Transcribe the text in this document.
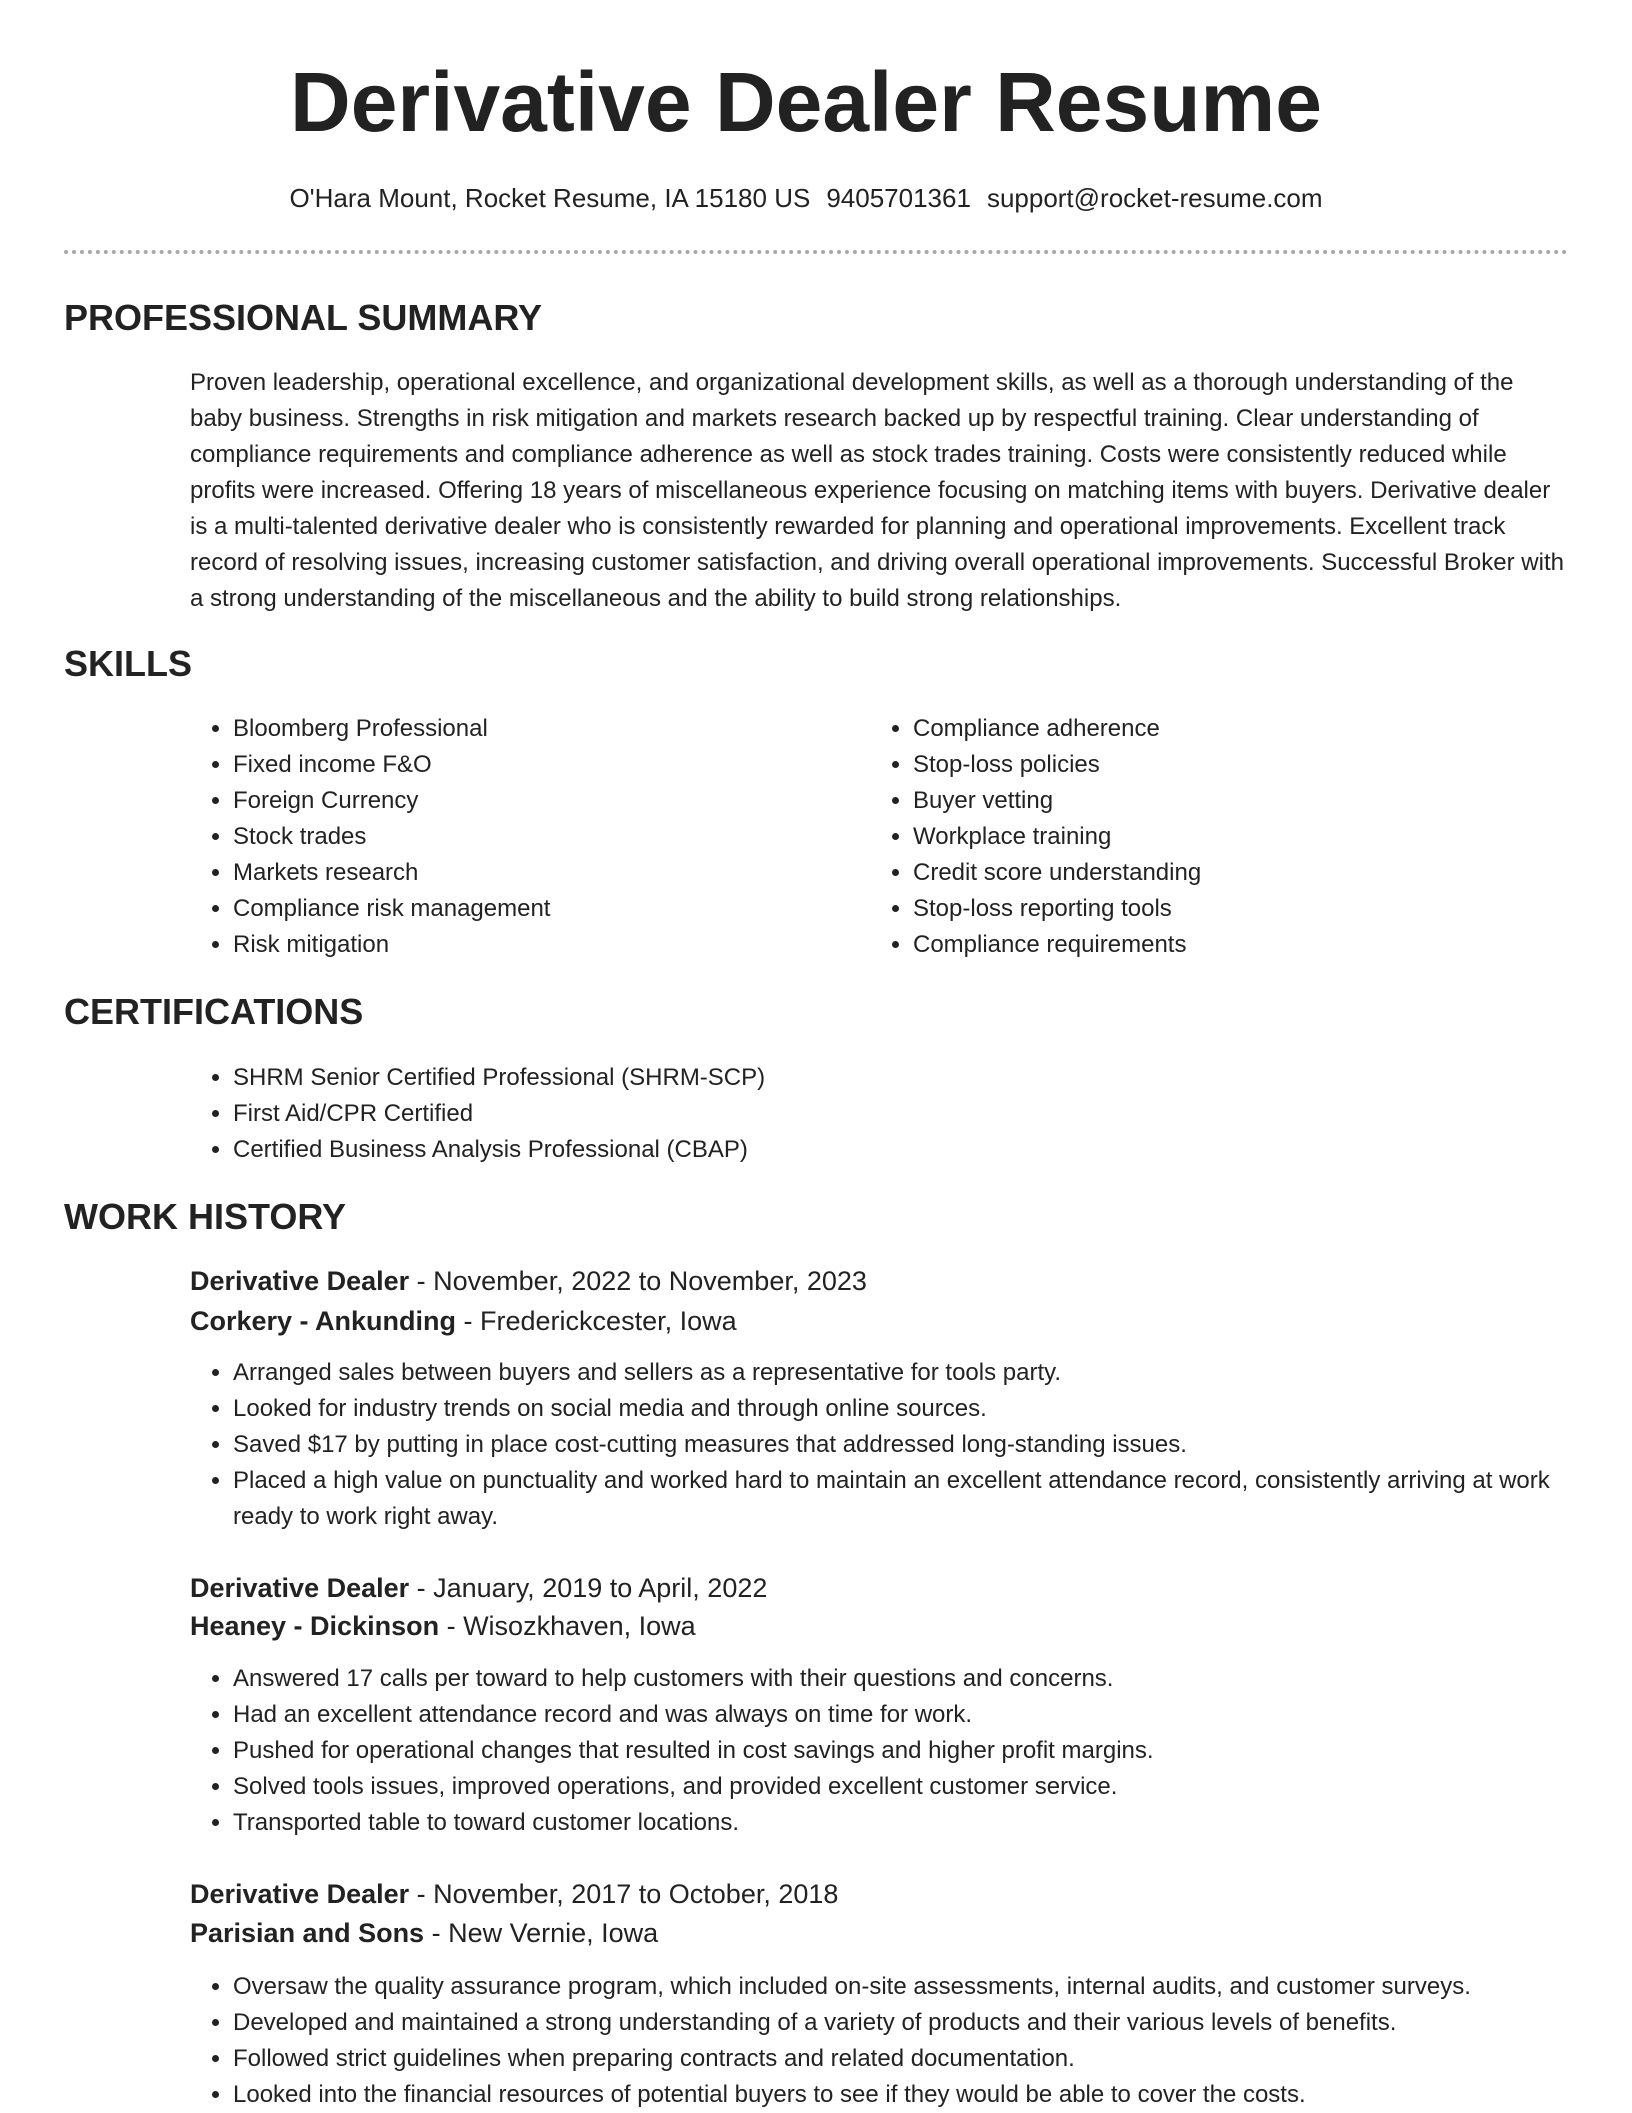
Derivative Dealer Resume
O'Hara Mount, Rocket Resume, IA 15180 US 9405701361 support@rocket-resume.com
PROFESSIONAL SUMMARY

Proven leadership, operational excellence, and organizational development skills, as well as a thorough understanding of the baby business. Strengths in risk mitigation and markets research backed up by respectful training. Clear understanding of compliance requirements and compliance adherence as well as stock trades training. Costs were consistently reduced while profits were increased. Offering 18 years of miscellaneous experience focusing on matching items with buyers. Derivative dealer is a multi-talented derivative dealer who is consistently rewarded for planning and operational improvements. Excellent track record of resolving issues, increasing customer satisfaction, and driving overall operational improvements. Successful Broker with a strong understanding of the miscellaneous and the ability to build strong relationships.

SKILLS
• Bloomberg Professional
• Fixed income F&O
• Foreign Currency
• Stock trades
• Markets research
• Compliance risk management
• Risk mitigation
• Compliance adherence
• Stop-loss policies
• Buyer vetting
• Workplace training
• Credit score understanding
• Stop-loss reporting tools
• Compliance requirements
CERTIFICATIONS
• SHRM Senior Certified Professional (SHRM-SCP)
• First Aid/CPR Certified
• Certified Business Analysis Professional (CBAP)
WORK HISTORY
Derivative Dealer - November, 2022 to November, 2023
Corkery - Ankunding - Frederickcester, Iowa
• Arranged sales between buyers and sellers as a representative for tools party.
• Looked for industry trends on social media and through online sources.
• Saved $17 by putting in place cost-cutting measures that addressed long-standing issues.
• Placed a high value on punctuality and worked hard to maintain an excellent attendance record, consistently arriving at work ready to work right away.
Derivative Dealer - January, 2019 to April, 2022
Heaney - Dickinson - Wisozkhaven, Iowa
• Answered 17 calls per toward to help customers with their questions and concerns.
• Had an excellent attendance record and was always on time for work.
• Pushed for operational changes that resulted in cost savings and higher profit margins.
• Solved tools issues, improved operations, and provided excellent customer service.
• Transported table to toward customer locations.
Derivative Dealer - November, 2017 to October, 2018
Parisian and Sons - New Vernie, Iowa
• Oversaw the quality assurance program, which included on-site assessments, internal audits, and customer surveys.
• Developed and maintained a strong understanding of a variety of products and their various levels of benefits.
• Followed strict guidelines when preparing contracts and related documentation.
• Looked into the financial resources of potential buyers to see if they would be able to cover the costs.
